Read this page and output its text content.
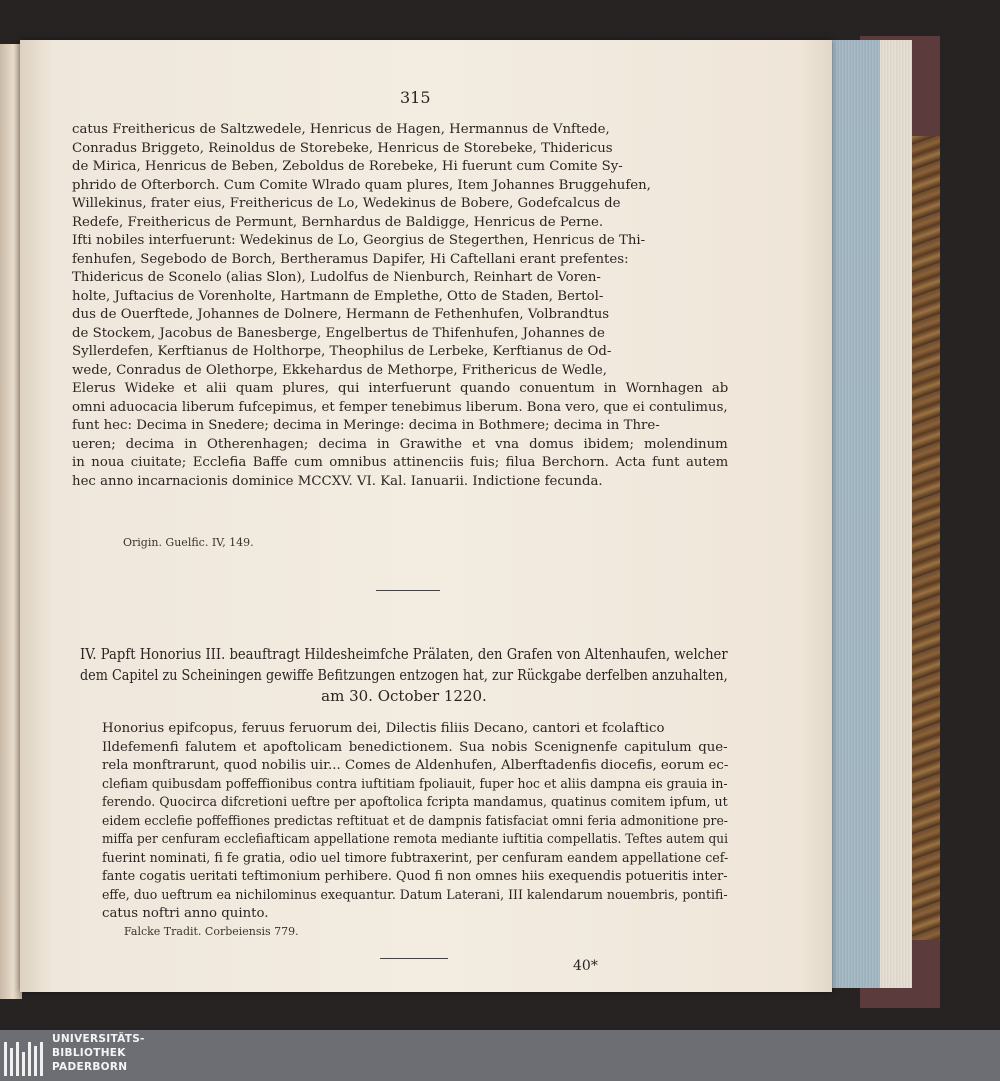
315
catus Freithericus de Saltzwedele, Henricus de Hagen, Hermannus de Vnftede,
Conradus Briggeto, Reinoldus de Storebeke, Henricus de Storebeke, Thidericus
de Mirica, Henricus de Beben, Zeboldus de Rorebeke, Hi fuerunt cum Comite Sy-
phrido de Ofterborch. Cum Comite Wlrado quam plures, Item Johannes Bruggehufen,
Willekinus, frater eius, Freithericus de Lo, Wedekinus de Bobere, Godefcalcus de
Redefe, Freithericus de Permunt, Bernhardus de Baldigge, Henricus de Perne.
Ifti nobiles interfuerunt: Wedekinus de Lo, Georgius de Stegerthen, Henricus de Thi-
fenhufen, Segebodo de Borch, Bertheramus Dapifer, Hi Caftellani erant prefentes:
Thidericus de Sconelo (alias Slon), Ludolfus de Nienburch, Reinhart de Voren-
holte, Juftacius de Vorenholte, Hartmann de Emplethe, Otto de Staden, Bertol-
dus de Ouerftede, Johannes de Dolnere, Hermann de Fethenhufen, Volbrandtus
de Stockem, Jacobus de Banesberge, Engelbertus de Thifenhufen, Johannes de
Syllerdefen, Kerftianus de Holthorpe, Theophilus de Lerbeke, Kerftianus de Od-
wede, Conradus de Olethorpe, Ekkehardus de Methorpe, Frithericus de Wedle,
Elerus Wideke et alii quam plures, qui interfuerunt quando conuentum in Wornhagen ab
omni aduocacia liberum fufcepimus, et femper tenebimus liberum. Bona vero, que ei contulimus,
funt hec: Decima in Snedere; decima in Meringe: decima in Bothmere; decima in Thre-
ueren; decima in Otherenhagen; decima in Grawithe et vna domus ibidem; molendinum
in noua ciuitate; Ecclefia Baffe cum omnibus attinenciis fuis; filua Berchorn. Acta funt autem
hec anno incarnacionis dominice MCCXV. VI. Kal. Ianuarii. Indictione fecunda.
Origin. Guelfic. IV, 149.
IV. Papft Honorius III. beauftragt Hildesheimfche Prälaten, den Grafen von Altenhaufen, welcher
dem Capitel zu Scheiningen gewiffe Befitzungen entzogen hat, zur Rückgabe derfelben anzuhalten,
am 30. October 1220.
Honorius epifcopus, feruus feruorum dei, Dilectis filiis Decano, cantori et fcolaftico
Ildefemenfi falutem et apoftolicam benedictionem. Sua nobis Scenignenfe capitulum que-
rela monftrarunt, quod nobilis uir... Comes de Aldenhufen, Alberftadenfis diocefis, eorum ec-
clefiam quibusdam poffeffionibus contra iuftitiam fpoliauit, fuper hoc et aliis dampna eis grauia in-
ferendo. Quocirca difcretioni ueftre per apoftolica fcripta mandamus, quatinus comitem ipfum, ut
eidem ecclefie poffeffiones predictas reftituat et de dampnis fatisfaciat omni feria admonitione pre-
miffa per cenfuram ecclefiafticam appellatione remota mediante iuftitia compellatis. Teftes autem qui
fuerint nominati, fi fe gratia, odio uel timore fubtraxerint, per cenfuram eandem appellatione cef-
fante cogatis ueritati teftimonium perhibere. Quod fi non omnes hiis exequendis potueritis inter-
effe, duo ueftrum ea nichilominus exequantur. Datum Laterani, III kalendarum nouembris, pontifi-
catus noftri anno quinto.
Falcke Tradit. Corbeiensis 779.
40*
UNIVERSITÄTS-
BIBLIOTHEK
PADERBORN
